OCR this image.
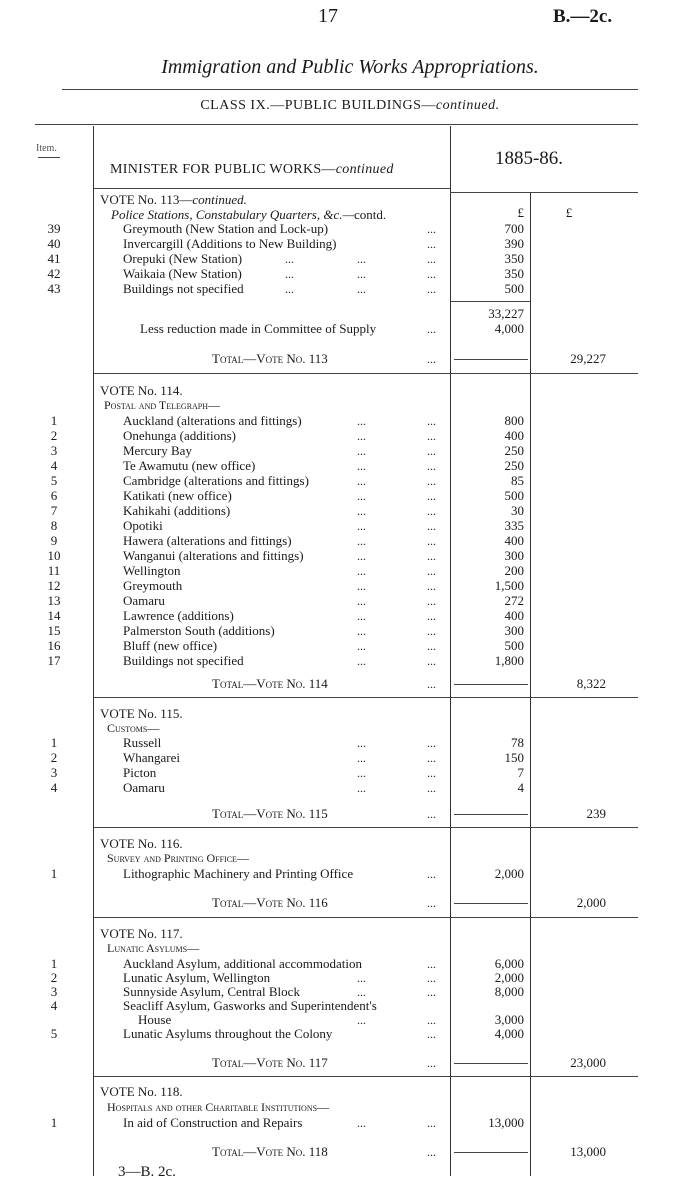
17	B.—2c.
Immigration and Public Works Appropriations.
CLASS IX.—PUBLIC BUILDINGS—continued.
Item.	1885-86.
MINISTER FOR PUBLIC WORKS—continued
VOTE No. 113—continued.
Police Stations, Constabulary Quarters, &c.—contd.	£	£
39	Greymouth (New Station and Lock-up)	...	700
40	Invercargill (Additions to New Building)	...	390
41	Orepuki (New Station)	...	...	...	350
42	Waikaia (New Station)	...	...	...	350
43	Buildings not specified	...	...	...	500
33,227
Less reduction made in Committee of Supply	...	4,000
Total—Vote No. 113	...	29,227
VOTE No. 114.
Postal and Telegraph—
1	Auckland (alterations and fittings)	...	...	800
2	Onehunga (additions)	...	...	400
3	Mercury Bay	...	...	250
4	Te Awamutu (new office)	...	...	250
5	Cambridge (alterations and fittings)	...	...	85
6	Katikati (new office)	...	...	500
7	Kahikahi (additions)	...	...	30
8	Opotiki	...	...	335
9	Hawera (alterations and fittings)	...	...	400
10	Wanganui (alterations and fittings)	...	...	300
11	Wellington	...	...	200
12	Greymouth	...	...	1,500
13	Oamaru	...	...	272
14	Lawrence (additions)	...	...	400
15	Palmerston South (additions)	...	...	300
16	Bluff (new office)	...	...	500
17	Buildings not specified	...	...	1,800
Total—Vote No. 114	...	8,322
VOTE No. 115.
Customs—
1	Russell	...	...	78
2	Whangarei	...	...	150
3	Picton	...	...	7
4	Oamaru	...	...	4
Total—Vote No. 115	...	239
VOTE No. 116.
Survey and Printing Office—
1	Lithographic Machinery and Printing Office	...	2,000
Total—Vote No. 116	...	2,000
VOTE No. 117.
Lunatic Asylums—
1	Auckland Asylum, additional accommodation	...	6,000
2	Lunatic Asylum, Wellington	...	...	2,000
3	Sunnyside Asylum, Central Block	...	...	8,000
4	Seacliff Asylum, Gasworks and Superintendent's
House	...	...	3,000
5	Lunatic Asylums throughout the Colony	...	4,000
Total—Vote No. 117	...	23,000
VOTE No. 118.
Hospitals and other Charitable Institutions—
1	In aid of Construction and Repairs	...	...	13,000
Total—Vote No. 118	...	13,000
3—B. 2c.
